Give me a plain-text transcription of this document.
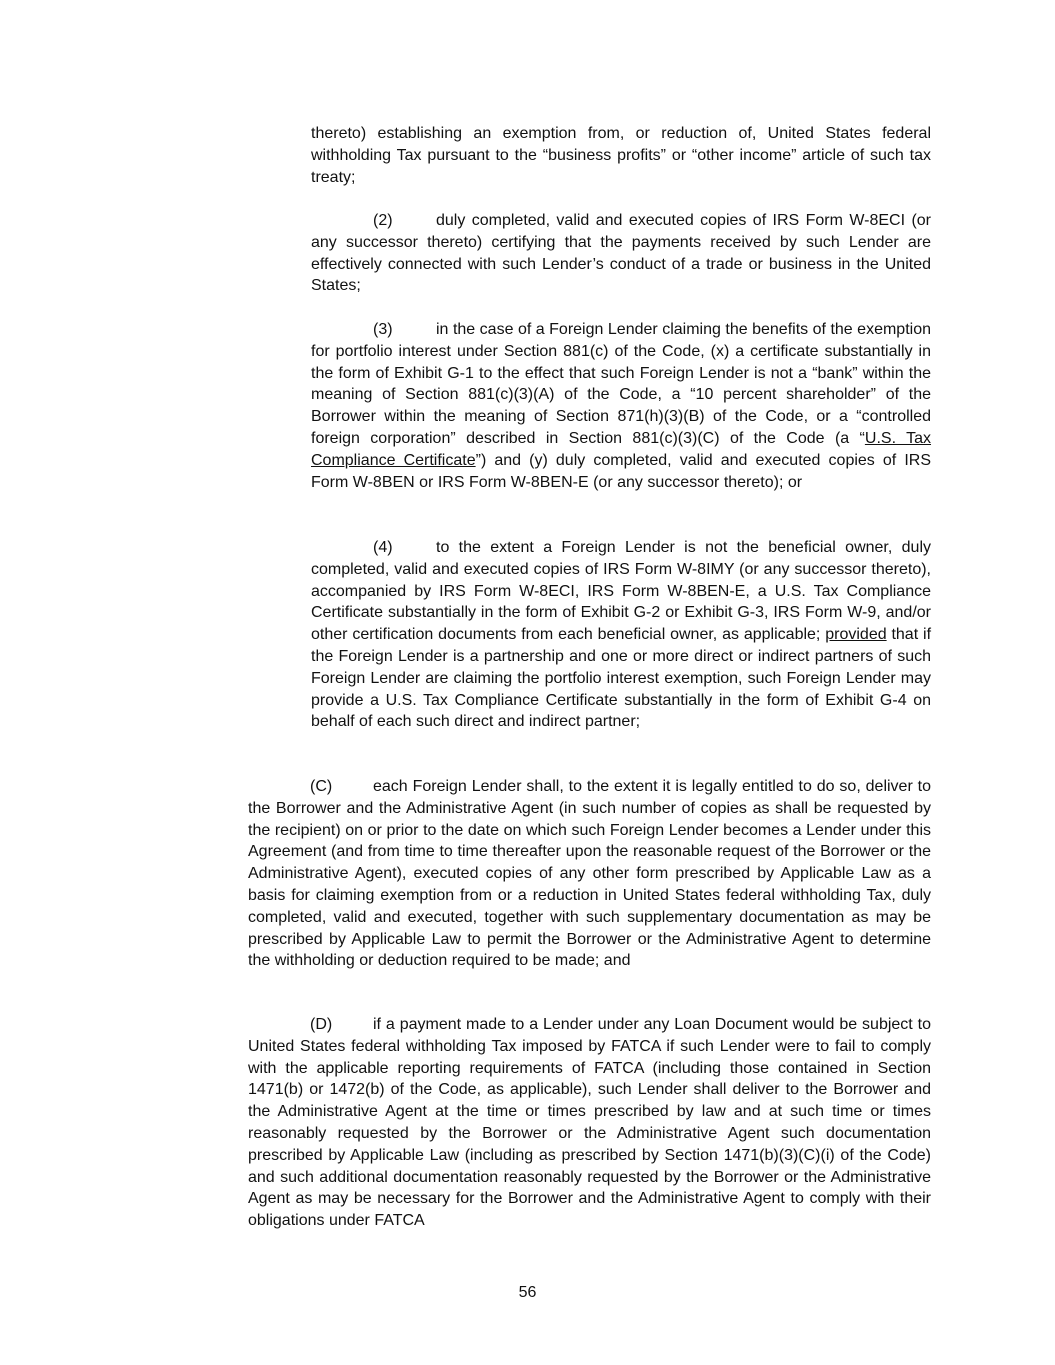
thereto) establishing an exemption from, or reduction of, United States federal withholding Tax pursuant to the “business profits” or “other income” article of such tax treaty;

(2)	duly completed, valid and executed copies of IRS Form W-8ECI (or any successor thereto) certifying that the payments received by such Lender are effectively connected with such Lender’s conduct of a trade or business in the United States;

(3)	in the case of a Foreign Lender claiming the benefits of the exemption for portfolio interest under Section 881(c) of the Code, (x) a certificate substantially in the form of Exhibit G-1 to the effect that such Foreign Lender is not a “bank” within the meaning of Section 881(c)(3)(A) of the Code, a “10 percent shareholder” of the Borrower within the meaning of Section 871(h)(3)(B) of the Code, or a “controlled foreign corporation” described in Section 881(c)(3)(C) of the Code (a “U.S. Tax Compliance Certificate”) and (y) duly completed, valid and executed copies of IRS Form W-8BEN or IRS Form W-8BEN-E (or any successor thereto); or

(4)	to the extent a Foreign Lender is not the beneficial owner, duly completed, valid and executed copies of IRS Form W-8IMY (or any successor thereto), accompanied by IRS Form W-8ECI, IRS Form W-8BEN-E, a U.S. Tax Compliance Certificate substantially in the form of Exhibit G-2 or Exhibit G-3, IRS Form W-9, and/or other certification documents from each beneficial owner, as applicable; provided that if the Foreign Lender is a partnership and one or more direct or indirect partners of such Foreign Lender are claiming the portfolio interest exemption, such Foreign Lender may provide a U.S. Tax Compliance Certificate substantially in the form of Exhibit G-4 on behalf of each such direct and indirect partner;

(C)	each Foreign Lender shall, to the extent it is legally entitled to do so, deliver to the Borrower and the Administrative Agent (in such number of copies as shall be requested by the recipient) on or prior to the date on which such Foreign Lender becomes a Lender under this Agreement (and from time to time thereafter upon the reasonable request of the Borrower or the Administrative Agent), executed copies of any other form prescribed by Applicable Law as a basis for claiming exemption from or a reduction in United States federal withholding Tax, duly completed, valid and executed, together with such supplementary documentation as may be prescribed by Applicable Law to permit the Borrower or the Administrative Agent to determine the withholding or deduction required to be made; and

(D)	if a payment made to a Lender under any Loan Document would be subject to United States federal withholding Tax imposed by FATCA if such Lender were to fail to comply with the applicable reporting requirements of FATCA (including those contained in Section 1471(b) or 1472(b) of the Code, as applicable), such Lender shall deliver to the Borrower and the Administrative Agent at the time or times prescribed by law and at such time or times reasonably requested by the Borrower or the Administrative Agent such documentation prescribed by Applicable Law (including as prescribed by Section 1471(b)(3)(C)(i) of the Code) and such additional documentation reasonably requested by the Borrower or the Administrative Agent as may be necessary for the Borrower and the Administrative Agent to comply with their obligations under FATCA

56
